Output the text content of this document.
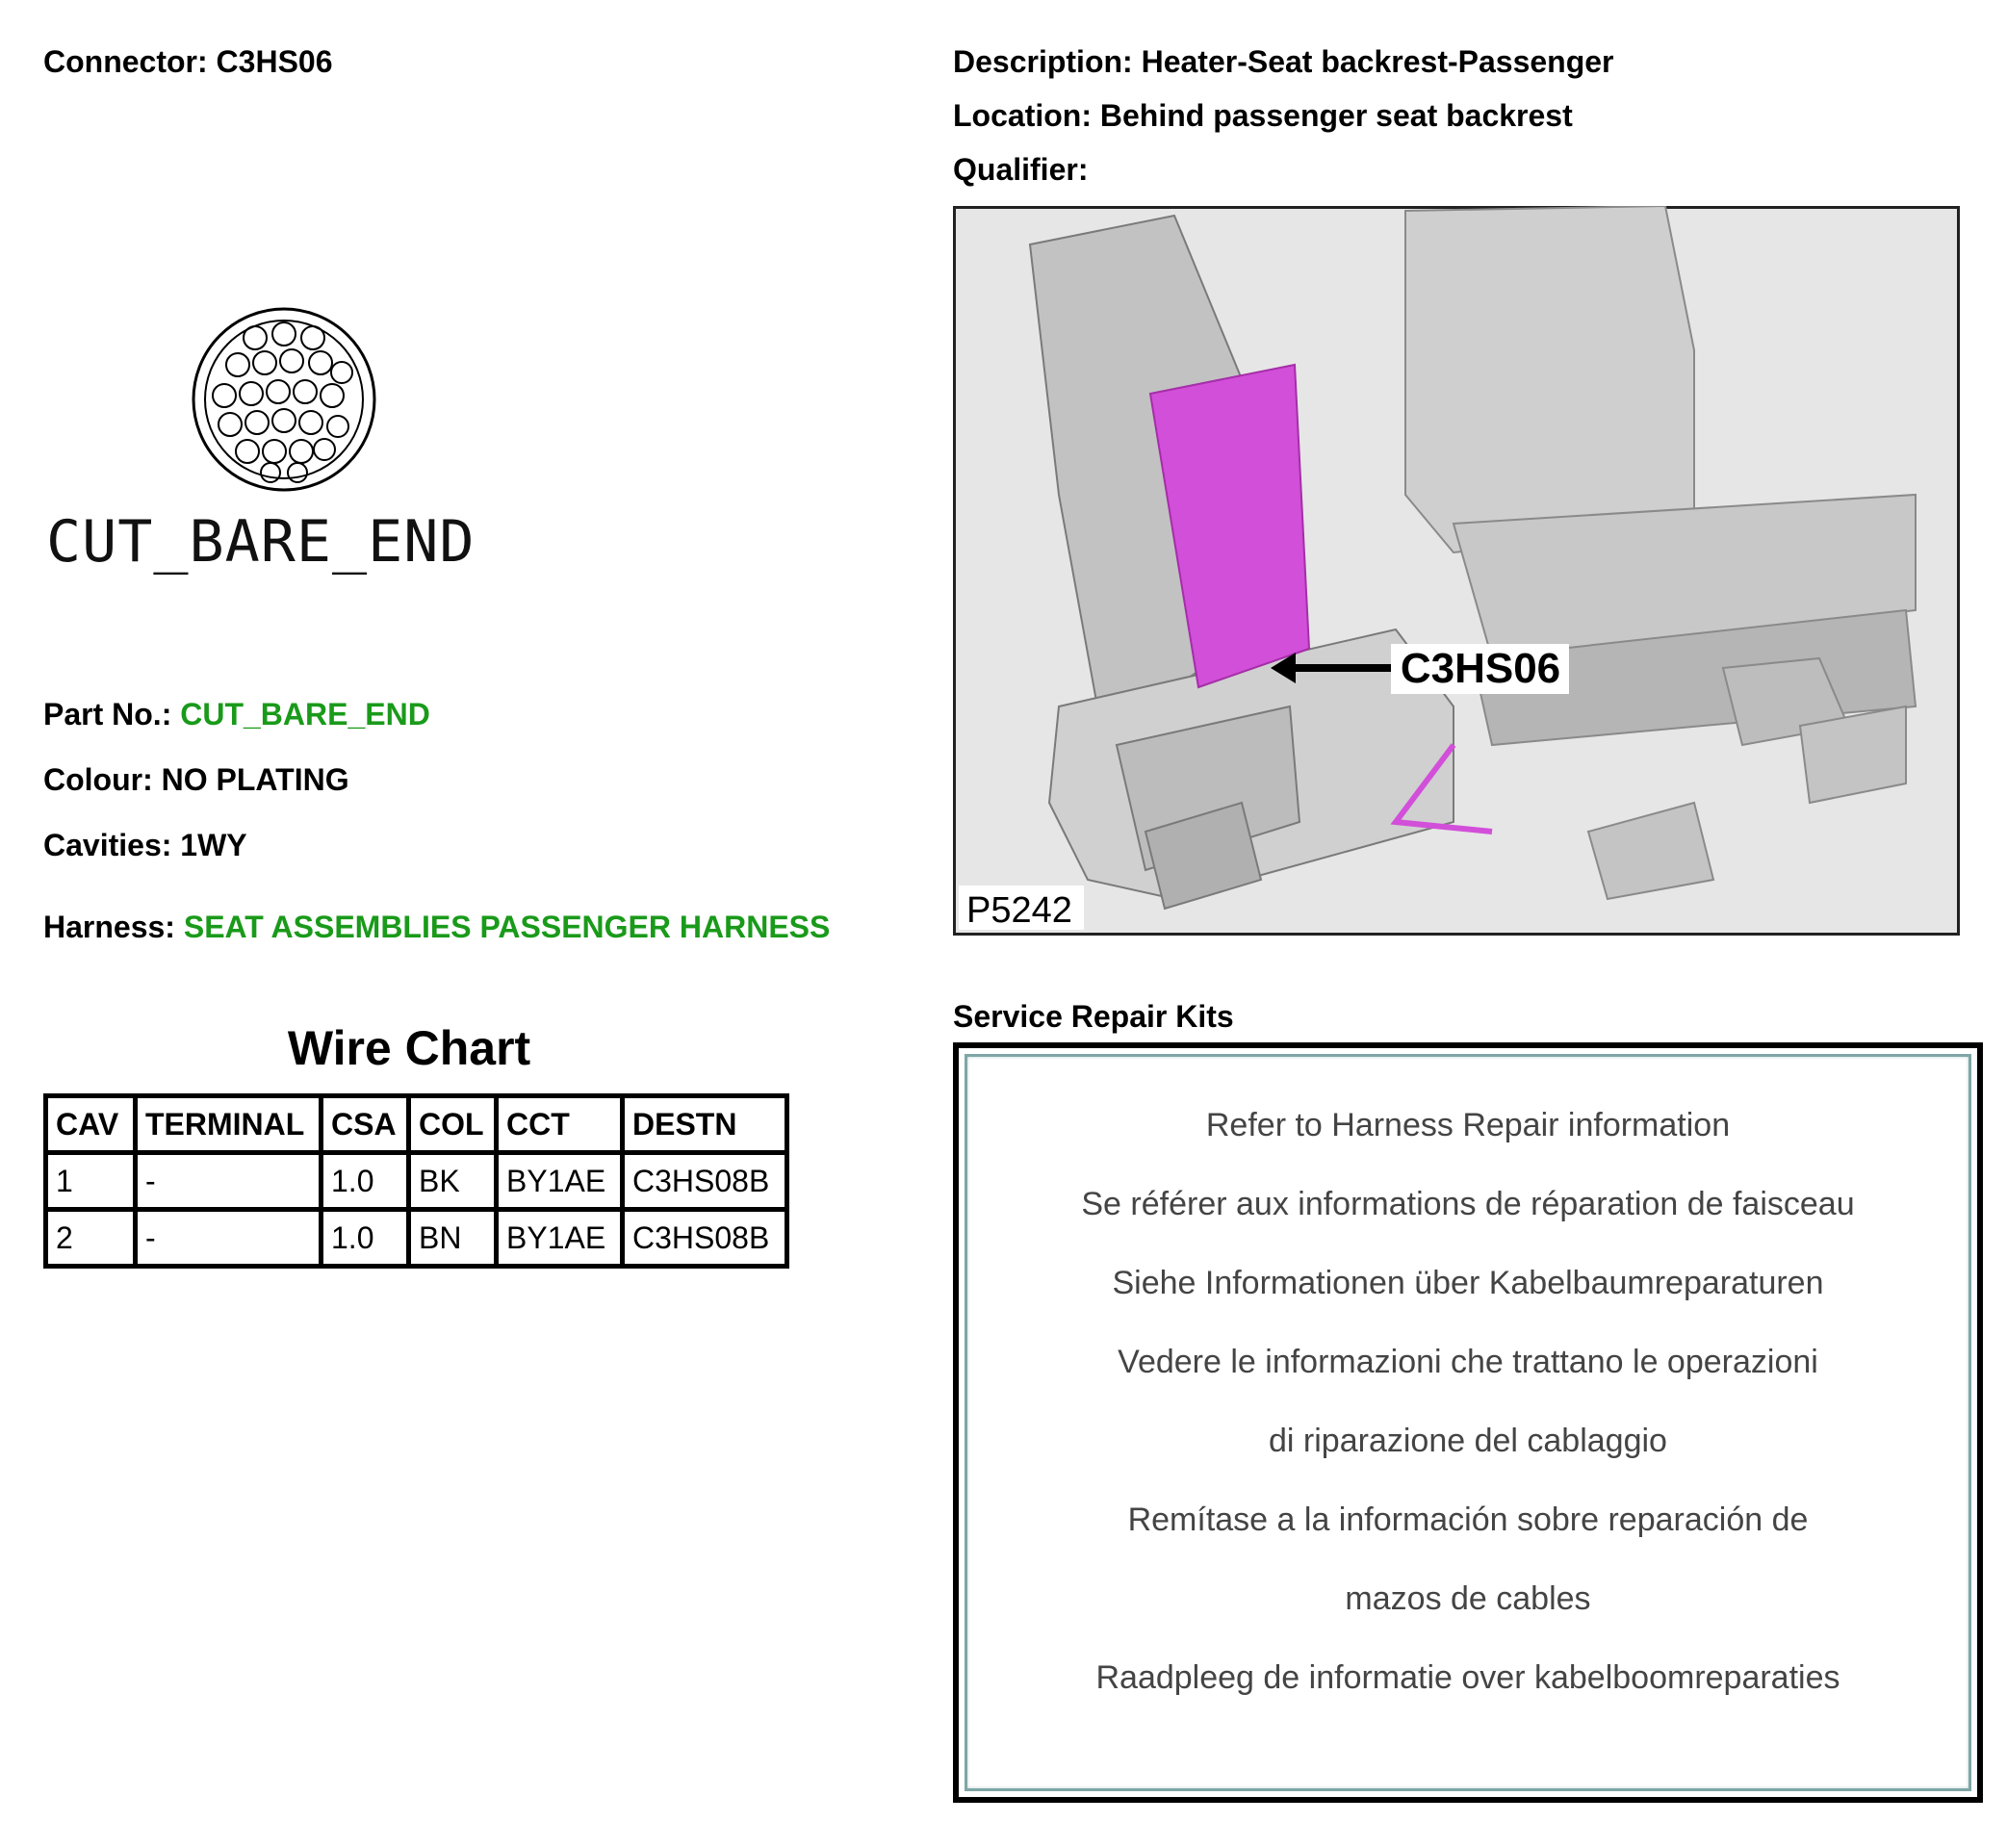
Connector: C3HS06	Description: Heater-Seat backrest-Passenger
Location: Behind passenger seat backrest
Qualifier:
CUT_BARE_END
Part No.: CUT_BARE_END
Colour: NO PLATING
Cavities: 1WY
Harness: SEAT ASSEMBLIES PASSENGER HARNESS
Wire Chart
CAV	TERMINAL	CSA	COL	CCT	DESTN
1	-	1.0	BK	BY1AE	C3HS08B
2	-	1.0	BN	BY1AE	C3HS08B
C3HS06
P5242
Service Repair Kits
Refer to Harness Repair information
Se référer aux informations de réparation de faisceau
Siehe Informationen über Kabelbaumreparaturen
Vedere le informazioni che trattano le operazioni
di riparazione del cablaggio
Remítase a la información sobre reparación de
mazos de cables
Raadpleeg de informatie over kabelboomreparaties
